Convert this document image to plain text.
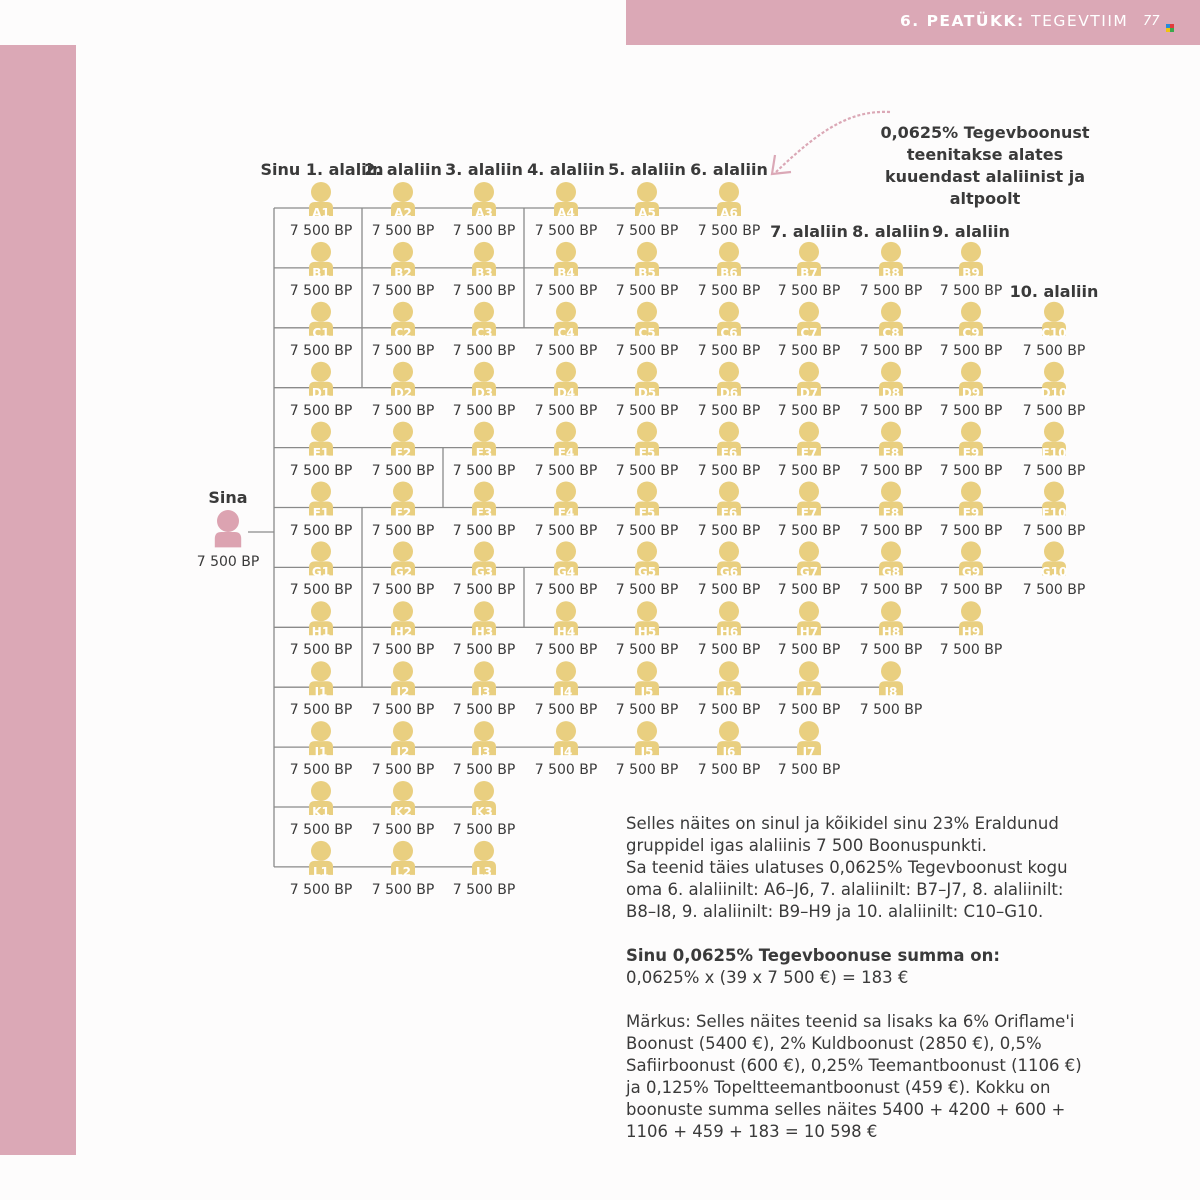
6. PEATÜKK: TEGEVTIIM 77
Sinu 1. alaliin
2. alaliin 3. alaliin 4. alaliin 5. alaliin 6. alaliin
7. alaliin 8. alaliin 9. alaliin
10. alaliin
A1
7 500 BP
A2
7 500 BP
A3
7 500 BP
A4
7 500 BP
A5
7 500 BP
A6
7 500 BP
B1
7 500 BP
B2
7 500 BP
B3
7 500 BP
B4
7 500 BP
B5
7 500 BP
B6
7 500 BP
B7
7 500 BP
B8
7 500 BP
B9
7 500 BP
C1
7 500 BP
C2
7 500 BP
C3
7 500 BP
C4
7 500 BP
C5
7 500 BP
C6
7 500 BP
C7
7 500 BP
C8
7 500 BP
C9
7 500 BP
C10
7 500 BP
D1
7 500 BP
D2
7 500 BP
D3
7 500 BP
D4
7 500 BP
D5
7 500 BP
D6
7 500 BP
D7
7 500 BP
D8
7 500 BP
D9
7 500 BP
D10
7 500 BP
E1
7 500 BP
E2
7 500 BP
E3
7 500 BP
E4
7 500 BP
E5
7 500 BP
E6
7 500 BP
E7
7 500 BP
E8
7 500 BP
E9
7 500 BP
E10
7 500 BP
F1
7 500 BP
F2
7 500 BP
F3
7 500 BP
F4
7 500 BP
F5
7 500 BP
F6
7 500 BP
F7
7 500 BP
F8
7 500 BP
F9
7 500 BP
F10
7 500 BP
G1
7 500 BP
G2
7 500 BP
G3
7 500 BP
G4
7 500 BP
G5
7 500 BP
G6
7 500 BP
G7
7 500 BP
G8
7 500 BP
G9
7 500 BP
G10
7 500 BP
H1
7 500 BP
H2
7 500 BP
H3
7 500 BP
H4
7 500 BP
H5
7 500 BP
H6
7 500 BP
H7
7 500 BP
H8
7 500 BP
H9
7 500 BP
I1
7 500 BP
I2
7 500 BP
I3
7 500 BP
I4
7 500 BP
I5
7 500 BP
I6
7 500 BP
I7
7 500 BP
I8
7 500 BP
J1
7 500 BP
J2
7 500 BP
J3
7 500 BP
J4
7 500 BP
J5
7 500 BP
J6
7 500 BP
J7
7 500 BP
K1
7 500 BP
K2
7 500 BP
K3
7 500 BP
L1
7 500 BP
L2
7 500 BP
L3
7 500 BP
Sina
7 500 BP
0,0625% Tegevboonust teenitakse alates kuuendast alaliinist ja altpoolt

Selles näites on sinul ja kõikidel sinu 23% Eraldunud gruppidel igas alaliinis 7 500 Boonuspunkti.

Sa teenid täies ulatuses 0,0625% Tegevboonust kogu oma 6. alaliinilt: A6–J6, 7. alaliinilt: B7–J7, 8. alaliinilt: B8–I8, 9. alaliinilt: B9–H9 ja 10. alaliinilt: C10–G10.

Sinu 0,0625% Tegevboonuse summa on:

0,0625% x (39 x 7 500 €) = 183 €

Märkus: Selles näites teenid sa lisaks ka 6% Oriflame'i Boonust (5400 €), 2% Kuldboonust (2850 €), 0,5% Safiirboonust (600 €), 0,25% Teemantboonust (1106 €) ja 0,125% Topeltteemantboonust (459 €). Kokku on boonuste summa selles näites 5400 + 4200 + 600 + 1106 + 459 + 183 = 10 598 €
